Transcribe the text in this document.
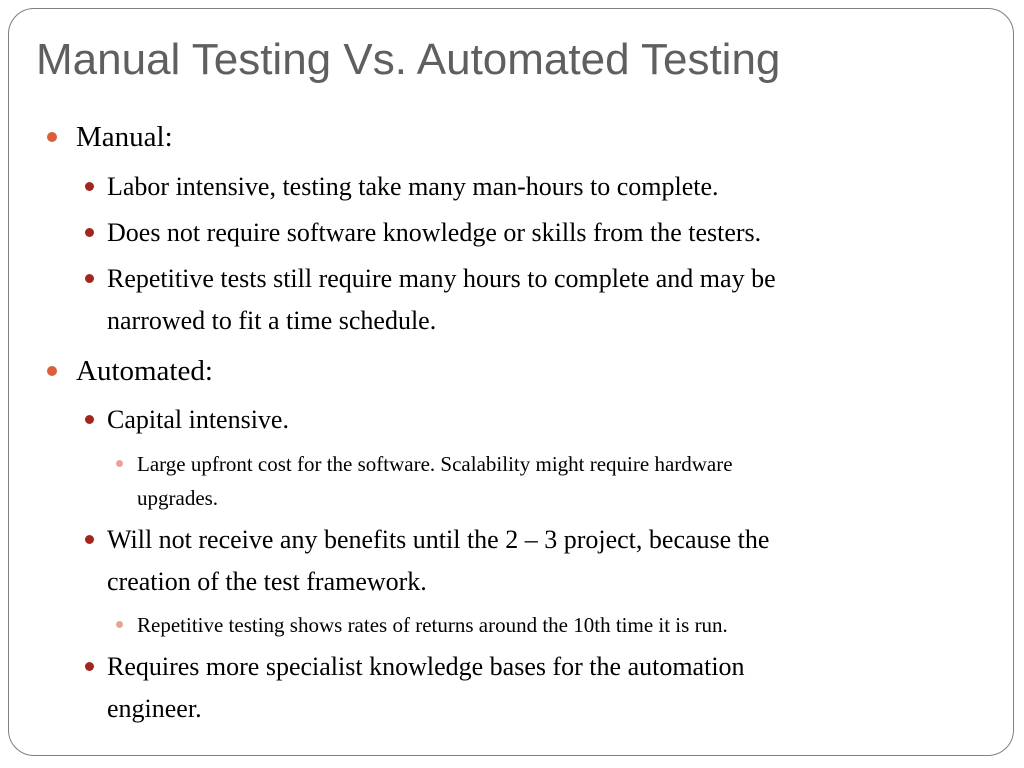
Manual Testing Vs. Automated Testing
Manual:
Labor intensive, testing take many man-hours to complete.
Does not require software knowledge or skills from the testers.
Repetitive tests still require many hours to complete and may be
narrowed to fit a time schedule.
Automated:
Capital intensive.
Large upfront cost for the software. Scalability might require hardware
upgrades.
Will not receive any benefits until the 2 – 3 project, because the
creation of the test framework.
Repetitive testing shows rates of returns around the 10th time it is run.
Requires more specialist knowledge bases for the automation
engineer.
